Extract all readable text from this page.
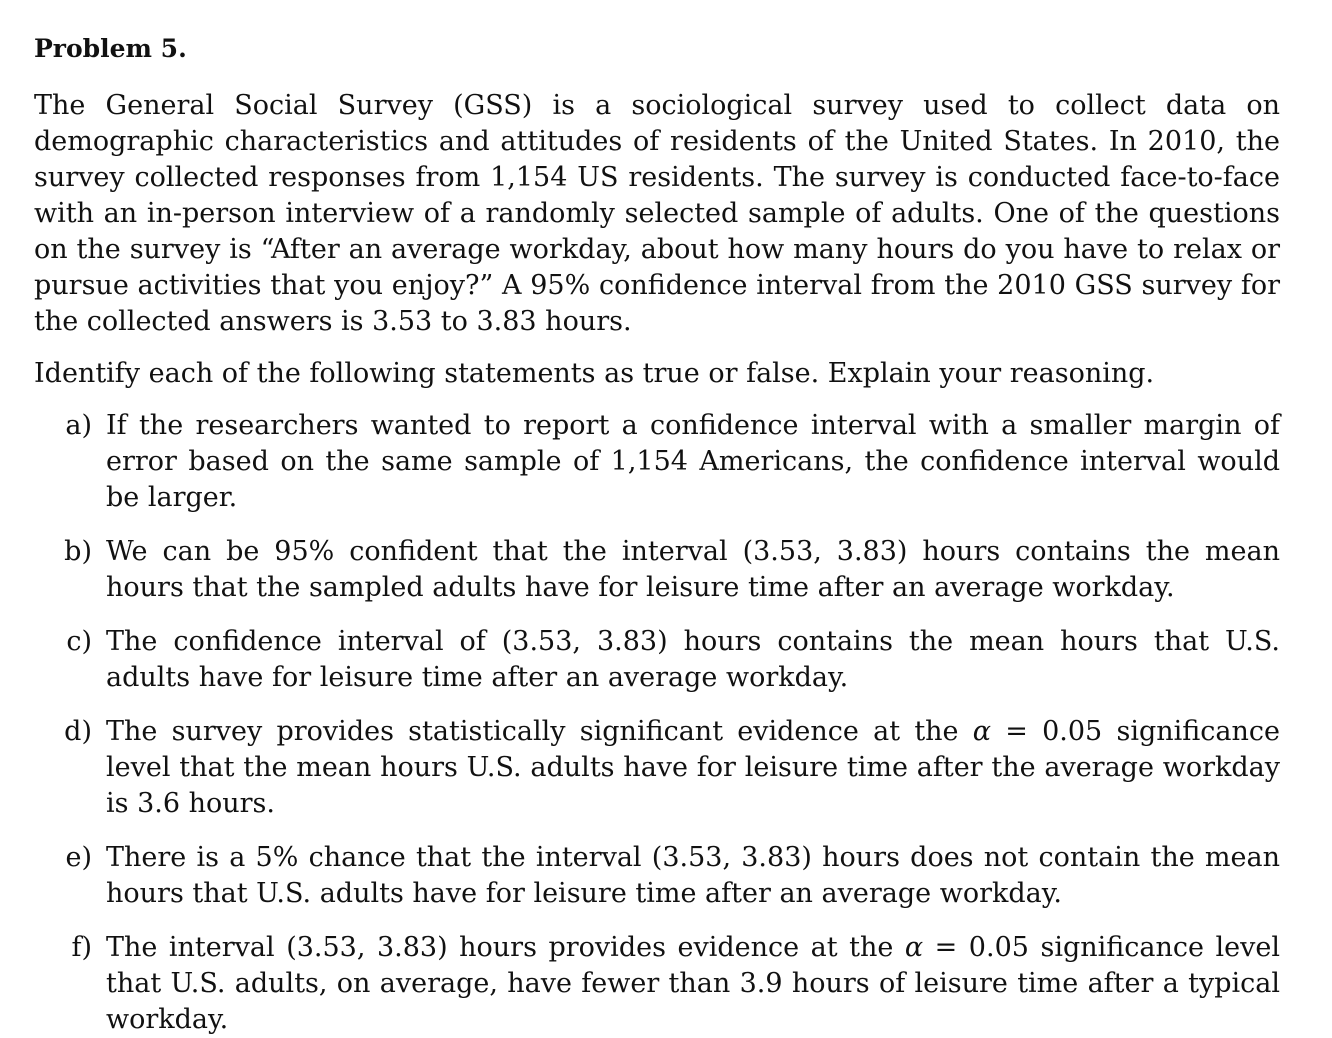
Problem 5.

The General Social Survey (GSS) is a sociological survey used to collect data on demographic characteristics and attitudes of residents of the United States. In 2010, the survey collected responses from 1,154 US residents. The survey is conducted face-to-face with an in-person interview of a randomly selected sample of adults. One of the questions on the survey is “After an average workday, about how many hours do you have to relax or pursue activities that you enjoy?” A 95% confidence interval from the 2010 GSS survey for the collected answers is 3.53 to 3.83 hours.

Identify each of the following statements as true or false. Explain your reasoning.

a) If the researchers wanted to report a confidence interval with a smaller margin of error based on the same sample of 1,154 Americans, the confidence interval would be larger.
b) We can be 95% confident that the interval (3.53, 3.83) hours contains the mean hours that the sampled adults have for leisure time after an average workday.
c) The confidence interval of (3.53, 3.83) hours contains the mean hours that U.S. adults have for leisure time after an average workday.
d) The survey provides statistically significant evidence at the α = 0.05 significance level that the mean hours U.S. adults have for leisure time after the average workday is 3.6 hours.
e) There is a 5% chance that the interval (3.53, 3.83) hours does not contain the mean hours that U.S. adults have for leisure time after an average workday.
f) The interval (3.53, 3.83) hours provides evidence at the α = 0.05 significance level that U.S. adults, on average, have fewer than 3.9 hours of leisure time after a typical workday.
